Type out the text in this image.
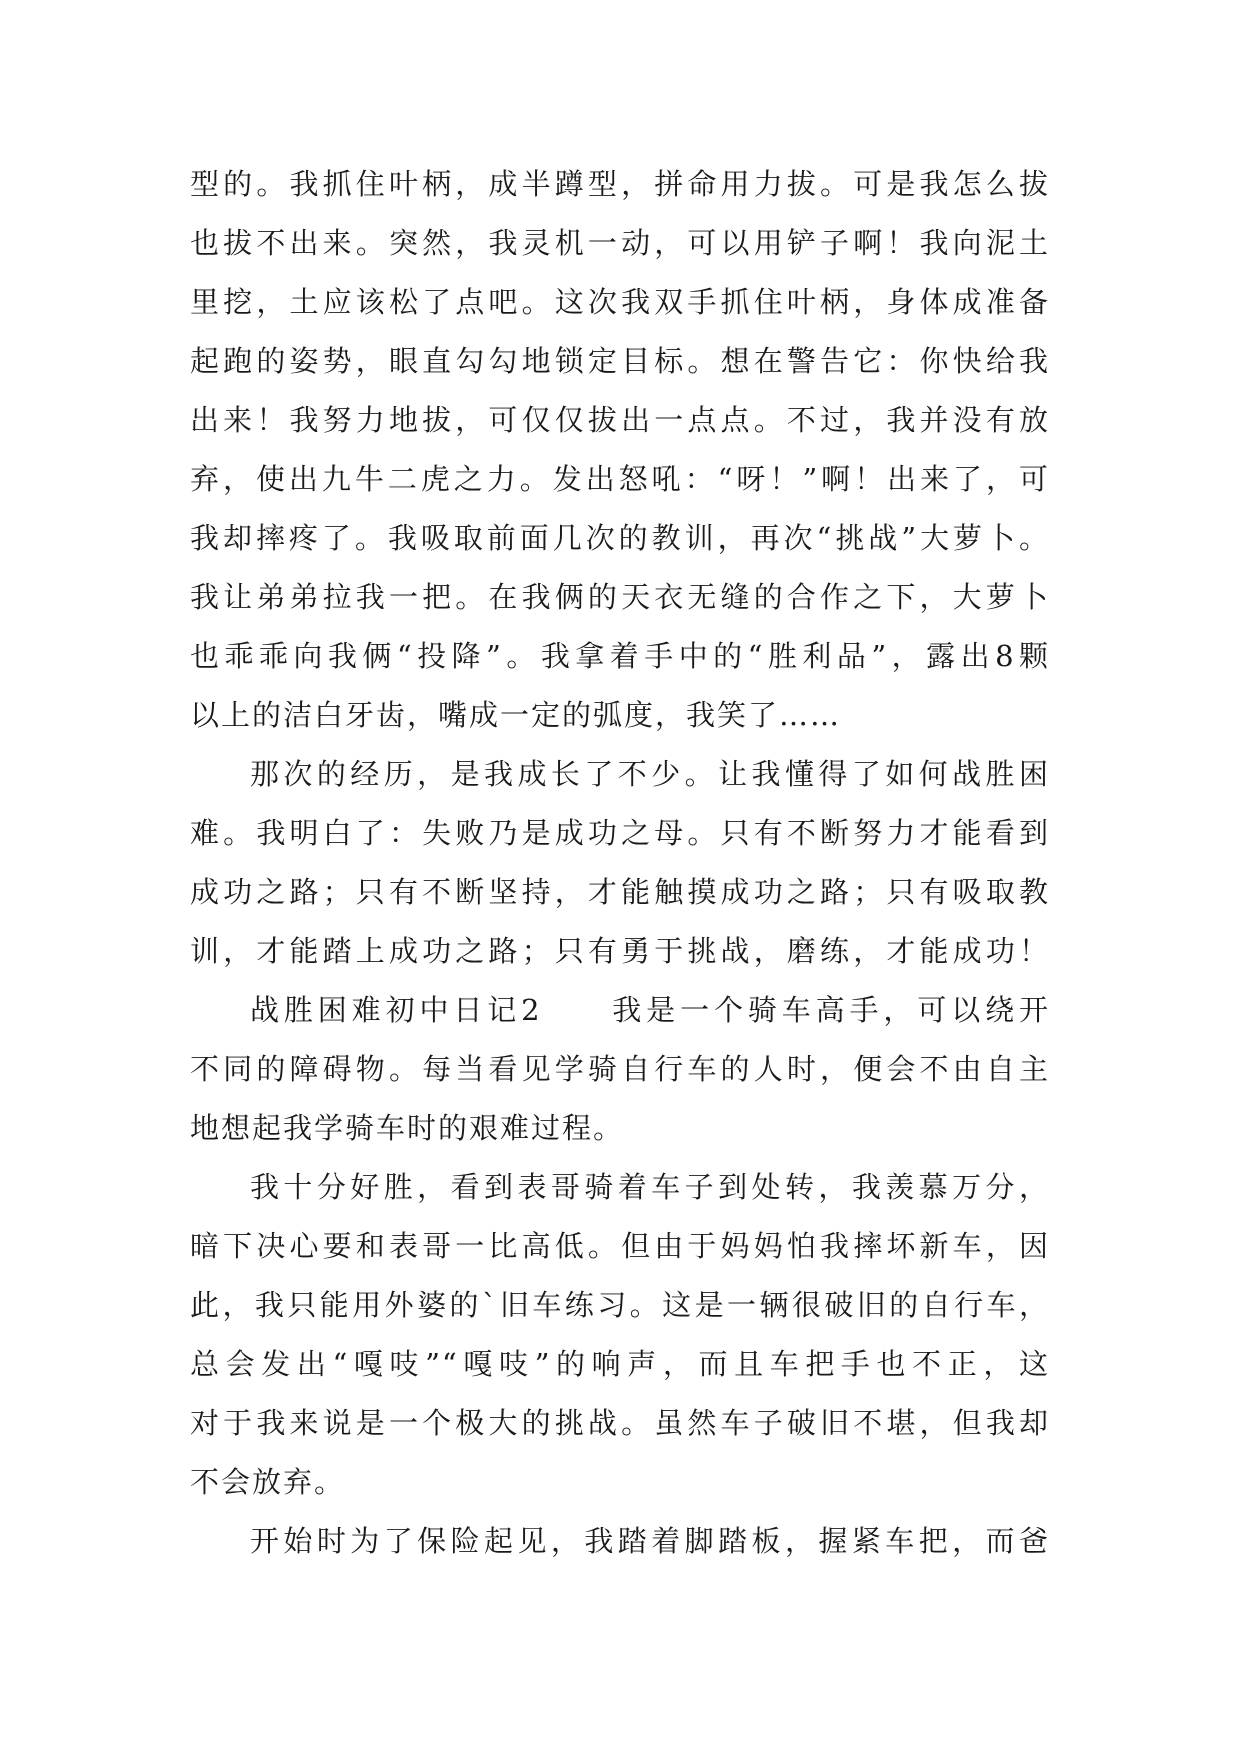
型的。我抓住叶柄，成半蹲型，拼命用力拔。可是我怎么拔
也拔不出来。突然，我灵机一动，可以用铲子啊！我向泥土
里挖，土应该松了点吧。这次我双手抓住叶柄，身体成准备
起跑的姿势，眼直勾勾地锁定目标。想在警告它：你快给我
出来！我努力地拔，可仅仅拔出一点点。不过，我并没有放
弃，使出九牛二虎之力。发出怒吼：“呀！”啊！出来了，可
我却摔疼了。我吸取前面几次的教训，再次“挑战”大萝卜。
我让弟弟拉我一把。在我俩的天衣无缝的合作之下，大萝卜
也乖乖向我俩“投降”。我拿着手中的“胜利品”，露出8颗
以上的洁白牙齿，嘴成一定的弧度，我笑了……
那次的经历，是我成长了不少。让我懂得了如何战胜困
难。我明白了：失败乃是成功之母。只有不断努力才能看到
成功之路；只有不断坚持，才能触摸成功之路；只有吸取教
训，才能踏上成功之路；只有勇于挑战，磨练，才能成功！
战胜困难初中日记2　　我是一个骑车高手，可以绕开
不同的障碍物。每当看见学骑自行车的人时，便会不由自主
地想起我学骑车时的艰难过程。
我十分好胜，看到表哥骑着车子到处转，我羡慕万分，
暗下决心要和表哥一比高低。但由于妈妈怕我摔坏新车，因
此，我只能用外婆的`旧车练习。这是一辆很破旧的自行车，
总会发出“嘎吱”“嘎吱”的响声，而且车把手也不正，这
对于我来说是一个极大的挑战。虽然车子破旧不堪，但我却
不会放弃。
开始时为了保险起见，我踏着脚踏板，握紧车把，而爸
